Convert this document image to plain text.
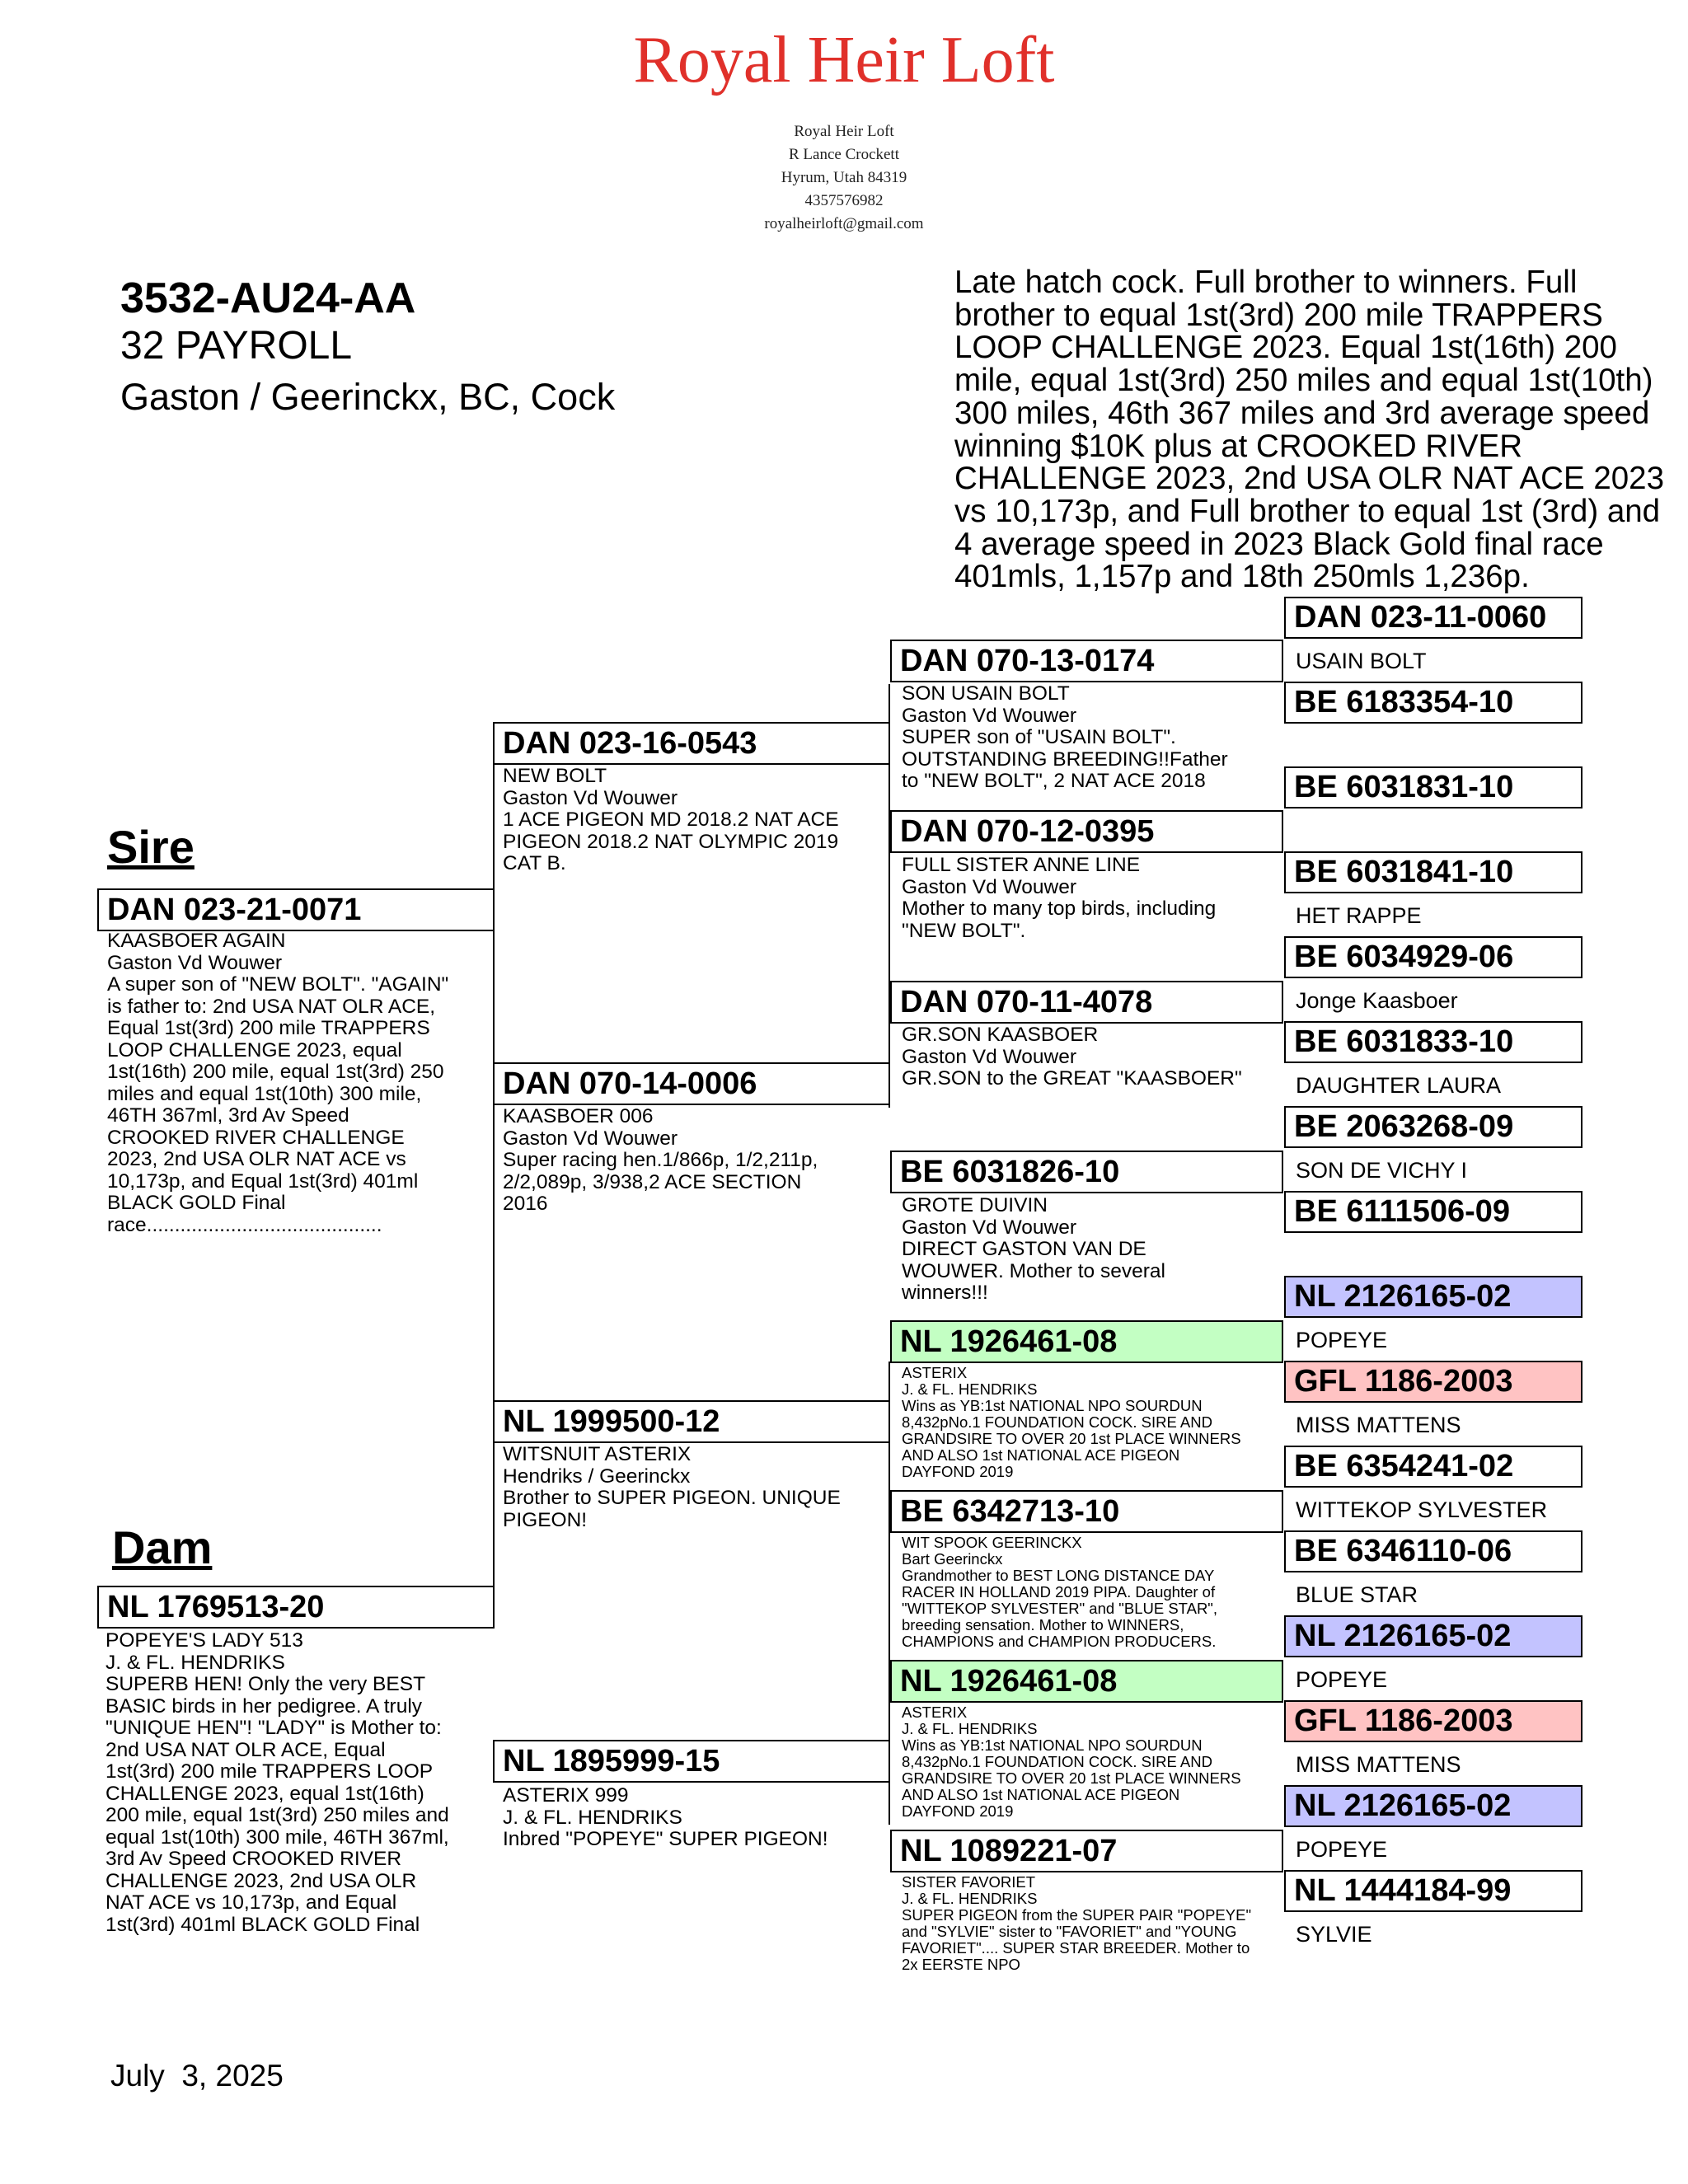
Royal Heir Loft
Royal Heir Loft
R Lance Crockett
Hyrum, Utah 84319
4357576982
royalheirloft@gmail.com
3532-AU24-AA
32 PAYROLL
Gaston / Geerinckx, BC, Cock
Late hatch cock. Full brother to winners. Full brother to equal 1st(3rd) 200 mile TRAPPERS LOOP CHALLENGE 2023. Equal 1st(16th) 200 mile, equal 1st(3rd) 250 miles and equal 1st(10th) 300 miles, 46th 367 miles and 3rd average speed winning $10K plus at CROOKED RIVER CHALLENGE 2023, 2nd USA OLR NAT ACE 2023 vs 10,173p, and Full brother to equal 1st (3rd) and 4 average speed in 2023 Black Gold final race 401mls, 1,157p and 18th 250mls 1,236p.
Sire
DAN 023-21-0071
KAASBOER AGAIN
Gaston Vd Wouwer
A super son of "NEW BOLT". "AGAIN"
is father to: 2nd USA NAT OLR ACE,
Equal 1st(3rd) 200 mile TRAPPERS
LOOP CHALLENGE 2023, equal
1st(16th) 200 mile, equal 1st(3rd) 250
miles and equal 1st(10th) 300 mile,
46TH 367ml, 3rd Av Speed
CROOKED RIVER CHALLENGE
2023, 2nd USA OLR NAT ACE vs
10,173p, and Equal 1st(3rd) 401ml
BLACK GOLD Final
race..........................................
Dam
NL 1769513-20
POPEYE'S LADY 513
J. & FL. HENDRIKS
SUPERB HEN! Only the very BEST
BASIC birds in her pedigree. A truly
"UNIQUE HEN"! "LADY" is Mother to:
2nd USA NAT OLR ACE, Equal
1st(3rd) 200 mile TRAPPERS LOOP
CHALLENGE 2023, equal 1st(16th)
200 mile, equal 1st(3rd) 250 miles and
equal 1st(10th) 300 mile, 46TH 367ml,
3rd Av Speed CROOKED RIVER
CHALLENGE 2023, 2nd USA OLR
NAT ACE vs 10,173p, and Equal
1st(3rd) 401ml BLACK GOLD Final
DAN 023-16-0543
NEW BOLT
Gaston Vd Wouwer
1 ACE PIGEON MD 2018.2 NAT ACE
PIGEON 2018.2 NAT OLYMPIC 2019
CAT B.
DAN 070-14-0006
KAASBOER 006
Gaston Vd Wouwer
Super racing hen.1/866p, 1/2,211p,
2/2,089p, 3/938,2 ACE SECTION
2016
NL 1999500-12
WITSNUIT ASTERIX
Hendriks / Geerinckx
Brother to SUPER PIGEON. UNIQUE
PIGEON!
NL 1895999-15
ASTERIX 999
J. & FL. HENDRIKS
Inbred "POPEYE" SUPER PIGEON!
DAN 070-13-0174
SON USAIN BOLT
Gaston Vd Wouwer
SUPER son of "USAIN BOLT".
OUTSTANDING BREEDING!!Father
to "NEW BOLT", 2 NAT ACE 2018
DAN 070-12-0395
FULL SISTER ANNE LINE
Gaston Vd Wouwer
Mother to many top birds, including
"NEW BOLT".
DAN 070-11-4078
GR.SON KAASBOER
Gaston Vd Wouwer
GR.SON to the GREAT "KAASBOER"
BE 6031826-10
GROTE DUIVIN
Gaston Vd Wouwer
DIRECT GASTON VAN DE
WOUWER. Mother to several
winners!!!
NL 1926461-08
ASTERIX
J. & FL. HENDRIKS
Wins as YB:1st NATIONAL NPO SOURDUN
8,432pNo.1 FOUNDATION COCK. SIRE AND
GRANDSIRE TO OVER 20 1st PLACE WINNERS
AND ALSO 1st NATIONAL ACE PIGEON
DAYFOND 2019
BE 6342713-10
WIT SPOOK GEERINCKX
Bart Geerinckx
Grandmother to BEST LONG DISTANCE DAY
RACER IN HOLLAND 2019 PIPA. Daughter of
"WITTEKOP SYLVESTER" and "BLUE STAR",
breeding sensation. Mother to WINNERS,
CHAMPIONS and CHAMPION PRODUCERS.
NL 1926461-08
ASTERIX
J. & FL. HENDRIKS
Wins as YB:1st NATIONAL NPO SOURDUN
8,432pNo.1 FOUNDATION COCK. SIRE AND
GRANDSIRE TO OVER 20 1st PLACE WINNERS
AND ALSO 1st NATIONAL ACE PIGEON
DAYFOND 2019
NL 1089221-07
SISTER FAVORIET
J. & FL. HENDRIKS
SUPER PIGEON from the SUPER PAIR "POPEYE"
and "SYLVIE" sister to "FAVORIET" and "YOUNG
FAVORIET".... SUPER STAR BREEDER. Mother to
2x EERSTE NPO
DAN 023-11-0060
USAIN BOLT
BE 6183354-10
BE 6031831-10
BE 6031841-10
HET RAPPE
BE 6034929-06
Jonge Kaasboer
BE 6031833-10
DAUGHTER LAURA
BE 2063268-09
SON DE VICHY I
BE 6111506-09
NL 2126165-02
POPEYE
GFL 1186-2003
MISS MATTENS
BE 6354241-02
WITTEKOP SYLVESTER
BE 6346110-06
BLUE STAR
NL 2126165-02
POPEYE
GFL 1186-2003
MISS MATTENS
NL 2126165-02
POPEYE
NL 1444184-99
SYLVIE
July  3, 2025
